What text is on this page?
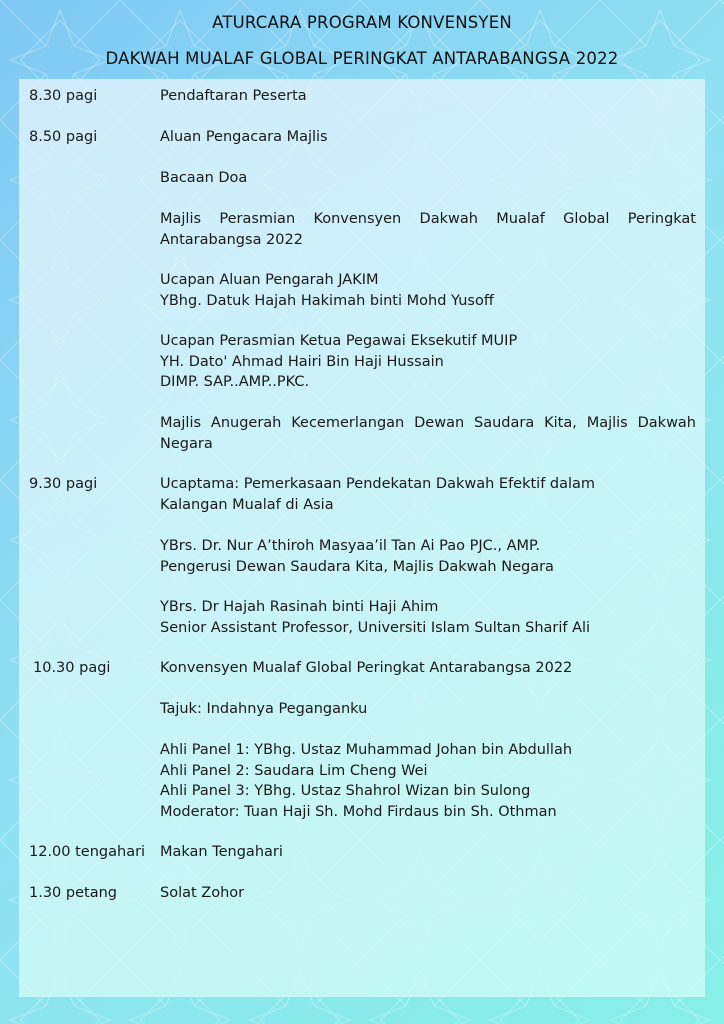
ATURCARA PROGRAM KONVENSYEN
DAKWAH MUALAF GLOBAL PERINGKAT ANTARABANGSA 2022
8.30 pagi	Pendaftaran Peserta
8.50 pagi	Aluan Pengacara Majlis
Bacaan Doa
Majlis Perasmian Konvensyen Dakwah Mualaf Global Peringkat Antarabangsa 2022
Ucapan Aluan Pengarah JAKIM
YBhg. Datuk Hajah Hakimah binti Mohd Yusoff
Ucapan Perasmian Ketua Pegawai Eksekutif MUIP
YH. Dato' Ahmad Hairi Bin Haji Hussain
DIMP. SAP..AMP..PKC.
Majlis Anugerah Kecemerlangan Dewan Saudara Kita, Majlis Dakwah Negara
9.30 pagi	Ucaptama: Pemerkasaan Pendekatan Dakwah Efektif dalam
Kalangan Mualaf di Asia
YBrs. Dr. Nur A’thiroh Masyaa’il Tan Ai Pao PJC., AMP.
Pengerusi Dewan Saudara Kita, Majlis Dakwah Negara
YBrs. Dr Hajah Rasinah binti Haji Ahim
Senior Assistant Professor, Universiti Islam Sultan Sharif Ali
10.30 pagi	Konvensyen Mualaf Global Peringkat Antarabangsa 2022
Tajuk: Indahnya Peganganku
Ahli Panel 1: YBhg. Ustaz Muhammad Johan bin Abdullah
Ahli Panel 2: Saudara Lim Cheng Wei
Ahli Panel 3: YBhg. Ustaz Shahrol Wizan bin Sulong
Moderator: Tuan Haji Sh. Mohd Firdaus bin Sh. Othman
12.00 tengahari Makan Tengahari
1.30 petang	Solat Zohor
